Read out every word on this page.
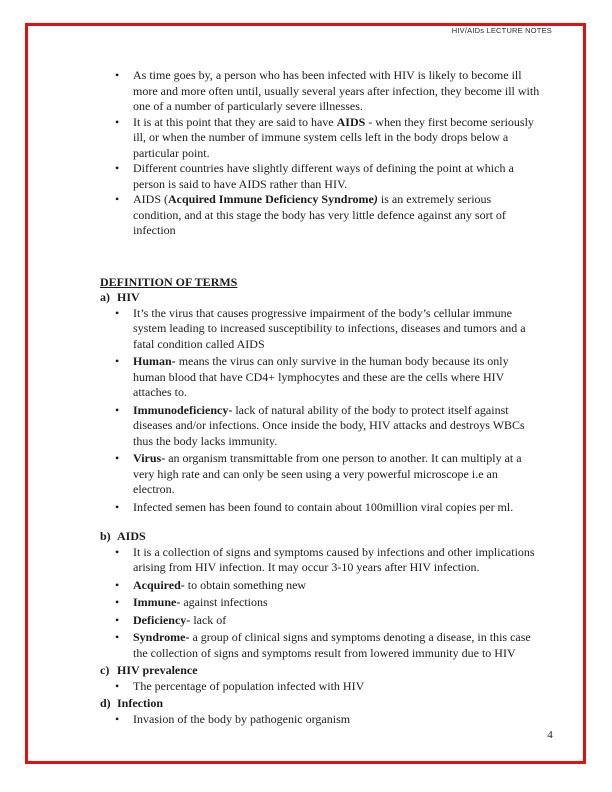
HIV/AIDs LECTURE NOTES
•	As time goes by, a person who has been infected with HIV is likely to become ill more and more often until, usually several years after infection, they become ill with one of a number of particularly severe illnesses.
•	It is at this point that they are said to have AIDS - when they first become seriously ill, or when the number of immune system cells left in the body drops below a particular point.
•	Different countries have slightly different ways of defining the point at which a person is said to have AIDS rather than HIV.
•	AIDS (Acquired Immune Deficiency Syndrome) is an extremely serious condition, and at this stage the body has very little defence against any sort of infection
DEFINITION OF TERMS
a) HIV
•	It’s the virus that causes progressive impairment of the body’s cellular immune system leading to increased susceptibility to infections, diseases and tumors and a fatal condition called AIDS
•	Human- means the virus can only survive in the human body because its only human blood that have CD4+ lymphocytes and these are the cells where HIV attaches to.
•	Immunodeficiency- lack of natural ability of the body to protect itself against diseases and/or infections. Once inside the body, HIV attacks and destroys WBCs thus the body lacks immunity.
•	Virus- an organism transmittable from one person to another. It can multiply at a very high rate and can only be seen using a very powerful microscope i.e an electron.
•	Infected semen has been found to contain about 100million viral copies per ml.
b) AIDS
•	It is a collection of signs and symptoms caused by infections and other implications arising from HIV infection. It may occur 3-10 years after HIV infection.
•	Acquired- to obtain something new
•	Immune- against infections
•	Deficiency- lack of
•	Syndrome- a group of clinical signs and symptoms denoting a disease, in this case the collection of signs and symptoms result from lowered immunity due to HIV
c) HIV prevalence
•	The percentage of population infected with HIV
d) Infection
•	Invasion of the body by pathogenic organism
4
